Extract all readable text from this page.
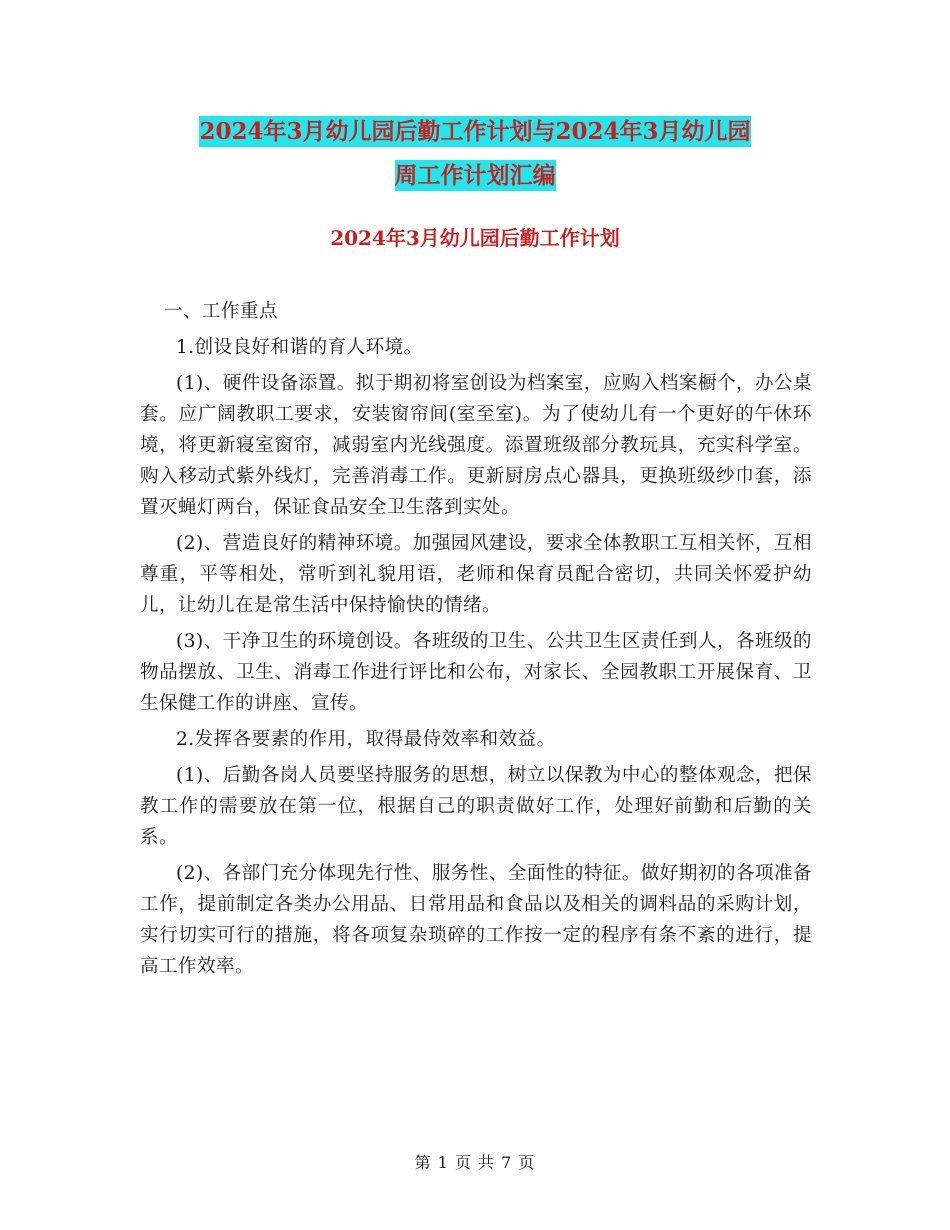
2024年3月幼儿园后勤工作计划与2024年3月幼儿园
周工作计划汇编
2024年3月幼儿园后勤工作计划

一、工作重点

1.创设良好和谐的育人环境。

(1)、硬件设备添置。拟于期初将室创设为档案室，应购入档案橱个，办公桌套。应广阔教职工要求，安装窗帘间(室至室)。为了使幼儿有一个更好的午休环境，将更新寝室窗帘，减弱室内光线强度。添置班级部分教玩具，充实科学室。购入移动式紫外线灯，完善消毒工作。更新厨房点心器具，更换班级纱巾套，添置灭蝇灯两台，保证食品安全卫生落到实处。

(2)、营造良好的精神环境。加强园风建设，要求全体教职工互相关怀，互相尊重，平等相处，常听到礼貌用语，老师和保育员配合密切，共同关怀爱护幼儿，让幼儿在是常生活中保持愉快的情绪。

(3)、干净卫生的环境创设。各班级的卫生、公共卫生区责任到人，各班级的物品摆放、卫生、消毒工作进行评比和公布，对家长、全园教职工开展保育、卫生保健工作的讲座、宣传。

2.发挥各要素的作用，取得最侍效率和效益。

(1)、后勤各岗人员要坚持服务的思想，树立以保教为中心的整体观念，把保教工作的需要放在第一位，根据自己的职责做好工作，处理好前勤和后勤的关系。

(2)、各部门充分体现先行性、服务性、全面性的特征。做好期初的各项准备工作，提前制定各类办公用品、日常用品和食品以及相关的调料品的采购计划，实行切实可行的措施，将各项复杂琐碎的工作按一定的程序有条不紊的进行，提高工作效率。

第 1 页 共 7 页
